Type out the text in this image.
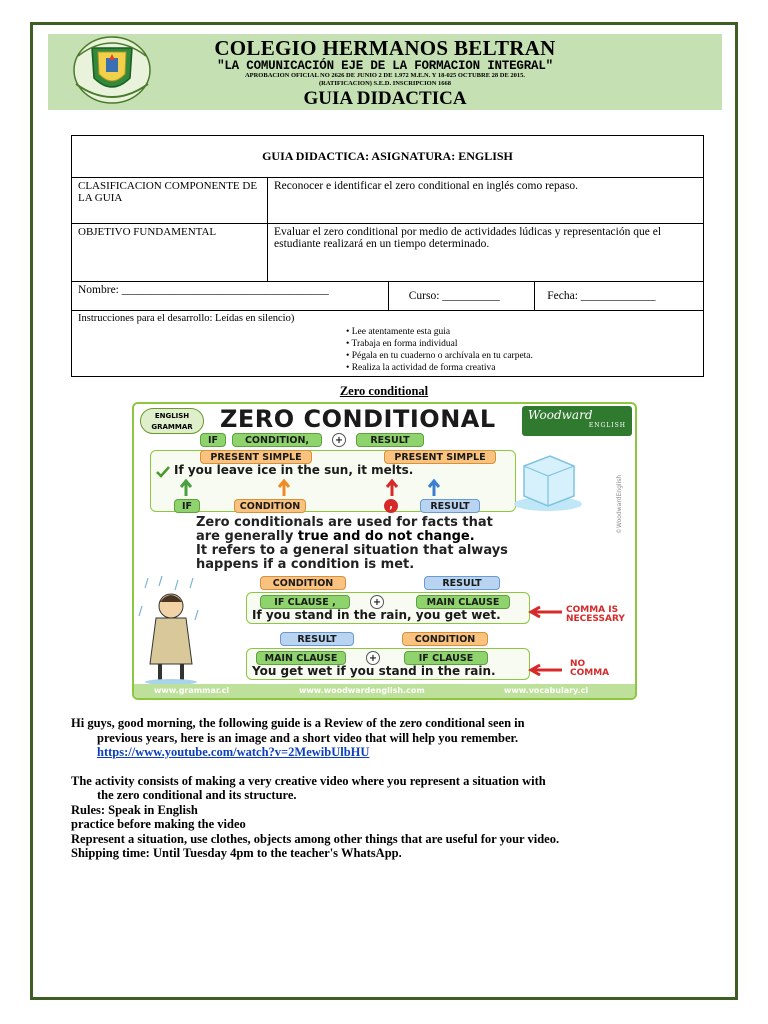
COLEGIO HERMANOS BELTRAN
"LA COMUNICACIÓN EJE DE LA FORMACION INTEGRAL"
APROBACION OFICIAL NO 2626 DE JUNIO 2 DE 1.972 M.E.N. Y 18-025 OCTUBRE 28 DE 2015.
(RATIFICACION) S.E.D. INSCRIPCION 1668
GUIA DIDACTICA
GUIA DIDACTICA: ASIGNATURA: ENGLISH
CLASIFICACION COMPONENTE DE LA GUIA	Reconocer e identificar el zero conditional en inglés como repaso.
OBJETIVO FUNDAMENTAL	Evaluar el zero conditional por medio de actividades lúdicas y representación que el estudiante realizará en un tiempo determinado.
Nombre: ____________________________________		Curso: __________	Fecha: _____________

Instrucciones para el desarrollo: Leídas en silencio)
• Lee atentamente esta guia
• Trabaja en forma individual
• Pégala en tu cuaderno o archívala en tu carpeta.
• Realiza la actividad de forma creativa
Zero conditional
ENGLISH GRAMMAR	ZERO CONDITIONAL	Woodward
ENGLISH
IF	CONDITION,	+	RESULT
PRESENT SIMPLE	PRESENT SIMPLE
If you leave ice in the sun, it melts.
IF	CONDITION	,	RESULT
Zero conditionals are used for facts that
are generally true and do not change.
It refers to a general situation that always
happens if a condition is met.
CONDITION	RESULT
IF CLAUSE ,	+	MAIN CLAUSE
If you stand in the rain, you get wet.	COMMA IS NECESSARY
RESULT	CONDITION
MAIN CLAUSE	+	IF CLAUSE
You get wet if you stand in the rain.	NO COMMA
©WoodwardEnglish
www.grammar.cl	www.woodwardenglish.com	www.vocabulary.cl

Hi guys, good morning, the following guide is a Review of the zero conditional seen in

previous years, here is an image and a short video that will help you remember.

https://www.youtube.com/watch?v=2MewibUlbHU

The activity consists of making a very creative video where you represent a situation with

the zero conditional and its structure.

Rules: Speak in English

practice before making the video

Represent a situation, use clothes, objects among other things that are useful for your video.

Shipping time: Until Tuesday 4pm to the teacher's WhatsApp.
